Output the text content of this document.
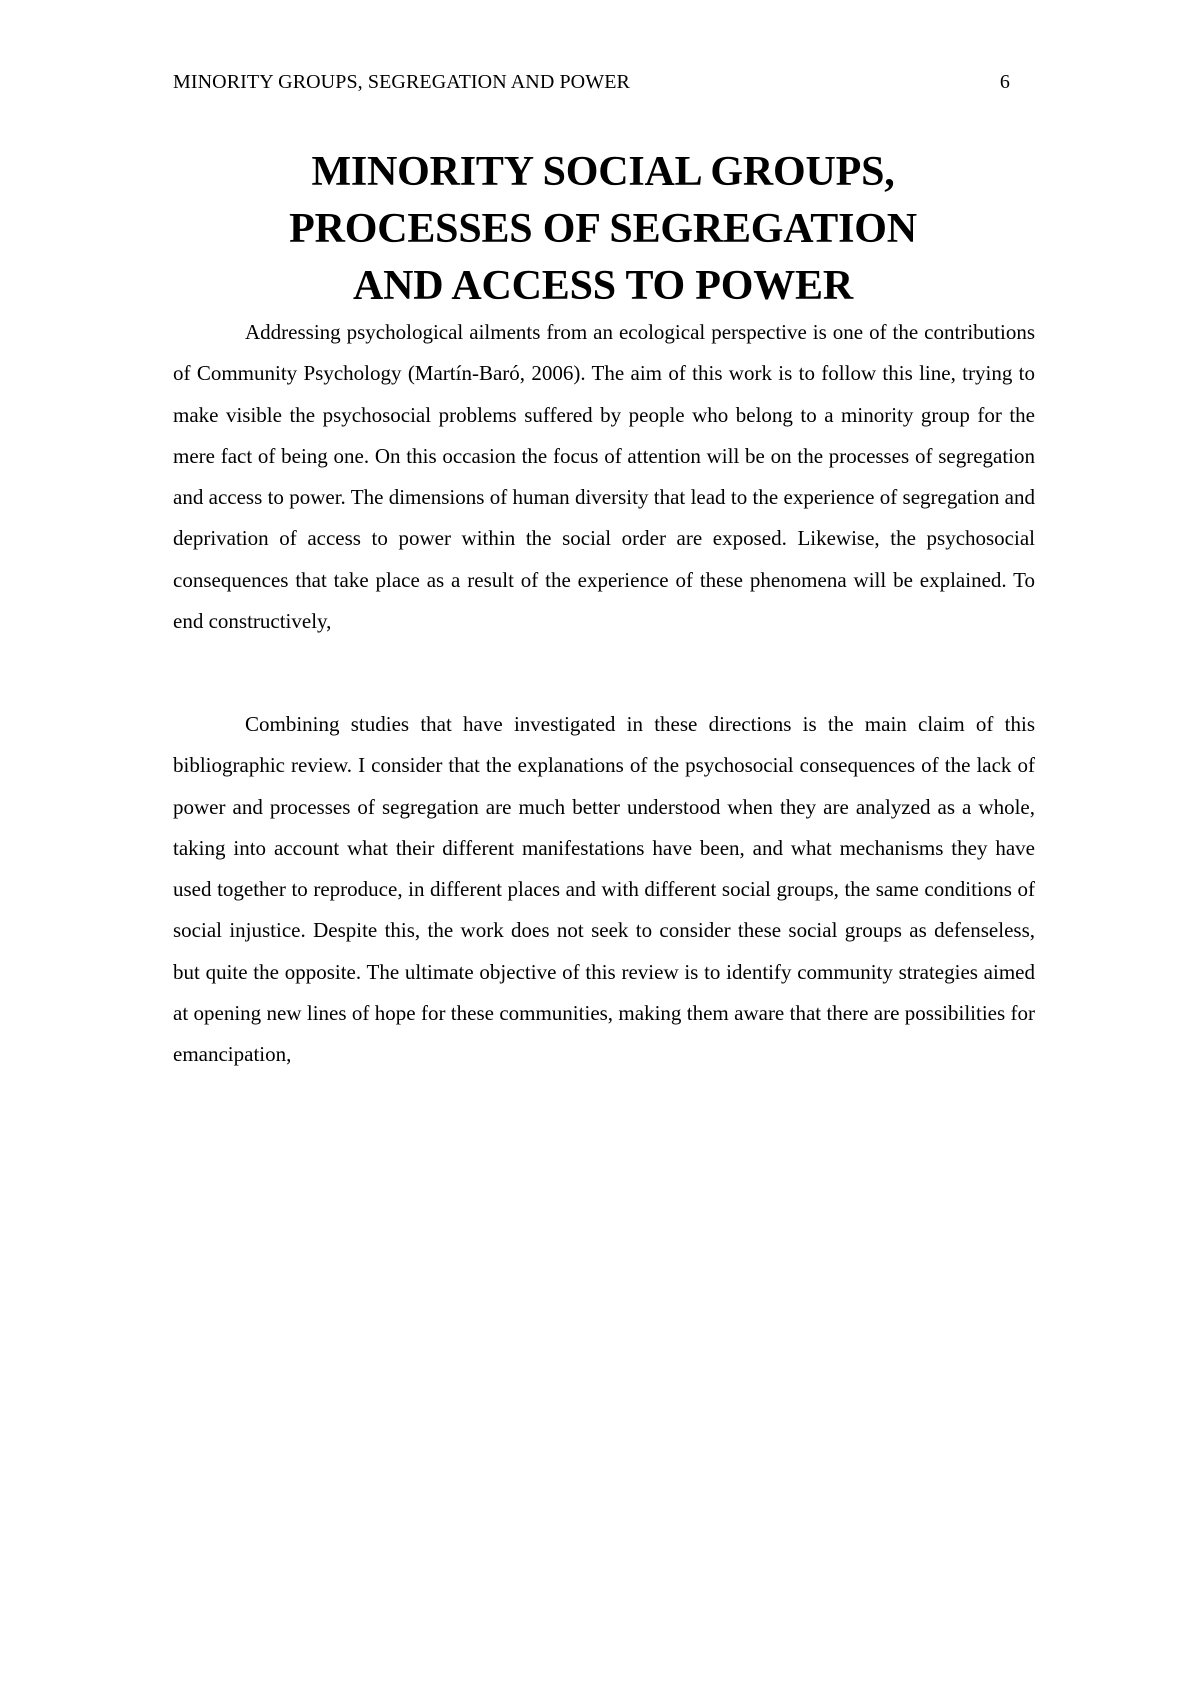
MINORITY GROUPS, SEGREGATION AND POWER	6
MINORITY SOCIAL GROUPS,
PROCESSES OF SEGREGATION
AND ACCESS TO POWER

Addressing psychological ailments from an ecological perspective is one of the contributions of Community Psychology (Martín-Baró, 2006). The aim of this work is to follow this line, trying to make visible the psychosocial problems suffered by people who belong to a minority group for the mere fact of being one. On this occasion the focus of attention will be on the processes of segregation and access to power. The dimensions of human diversity that lead to the experience of segregation and deprivation of access to power within the social order are exposed. Likewise, the psychosocial consequences that take place as a result of the experience of these phenomena will be explained. To end constructively,

Combining studies that have investigated in these directions is the main claim of this bibliographic review. I consider that the explanations of the psychosocial consequences of the lack of power and processes of segregation are much better understood when they are analyzed as a whole, taking into account what their different manifestations have been, and what mechanisms they have used together to reproduce, in different places and with different social groups, the same conditions of social injustice. Despite this, the work does not seek to consider these social groups as defenseless, but quite the opposite. The ultimate objective of this review is to identify community strategies aimed at opening new lines of hope for these communities, making them aware that there are possibilities for emancipation,
